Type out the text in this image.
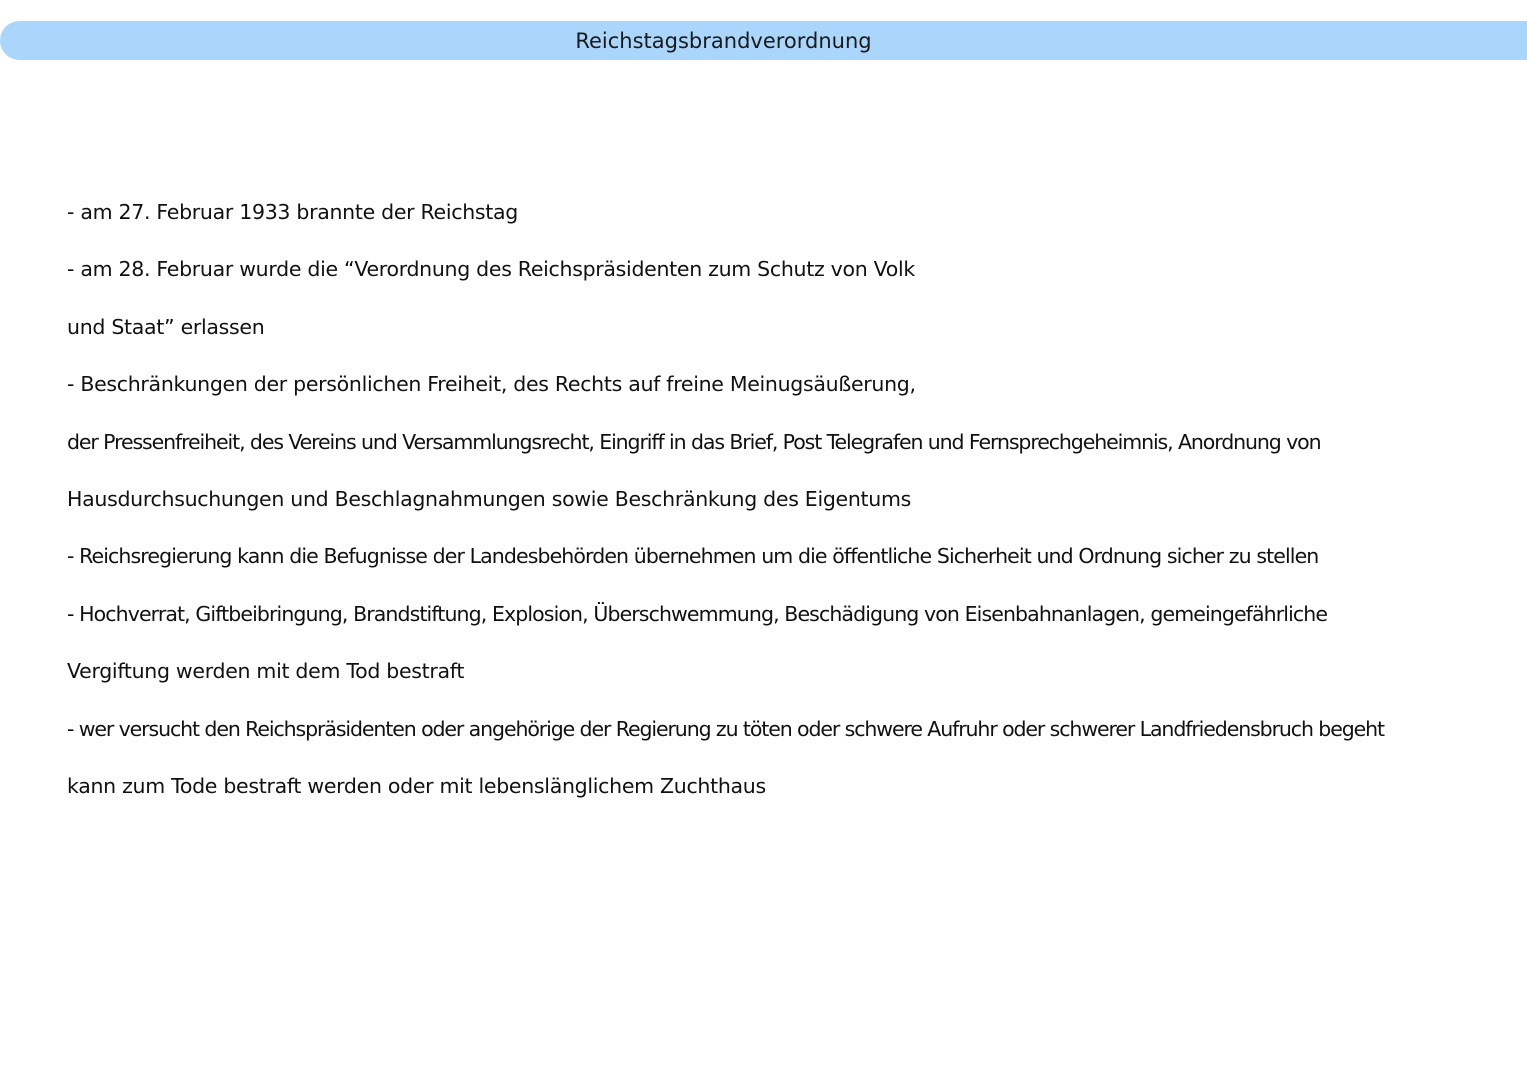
Reichstagsbrandverordnung
- am 27. Februar 1933 brannte der Reichstag
- am 28. Februar wurde die “Verordnung des Reichspräsidenten zum Schutz von Volk
und Staat” erlassen
- Beschränkungen der persönlichen Freiheit, des Rechts auf freine Meinugsäußerung,
der Pressenfreiheit, des Vereins und Versammlungsrecht, Eingriff in das Brief, Post Telegrafen und Fernsprechgeheimnis, Anordnung von
Hausdurchsuchungen und Beschlagnahmungen sowie Beschränkung des Eigentums
- Reichsregierung kann die Befugnisse der Landesbehörden übernehmen um die öffentliche Sicherheit und Ordnung sicher zu stellen
- Hochverrat, Giftbeibringung, Brandstiftung, Explosion, Überschwemmung, Beschädigung von Eisenbahnanlagen, gemeingefährliche
Vergiftung werden mit dem Tod bestraft
- wer versucht den Reichspräsidenten oder angehörige der Regierung zu töten oder schwere Aufruhr oder schwerer Landfriedensbruch begeht
kann zum Tode bestraft werden oder mit lebenslänglichem Zuchthaus
